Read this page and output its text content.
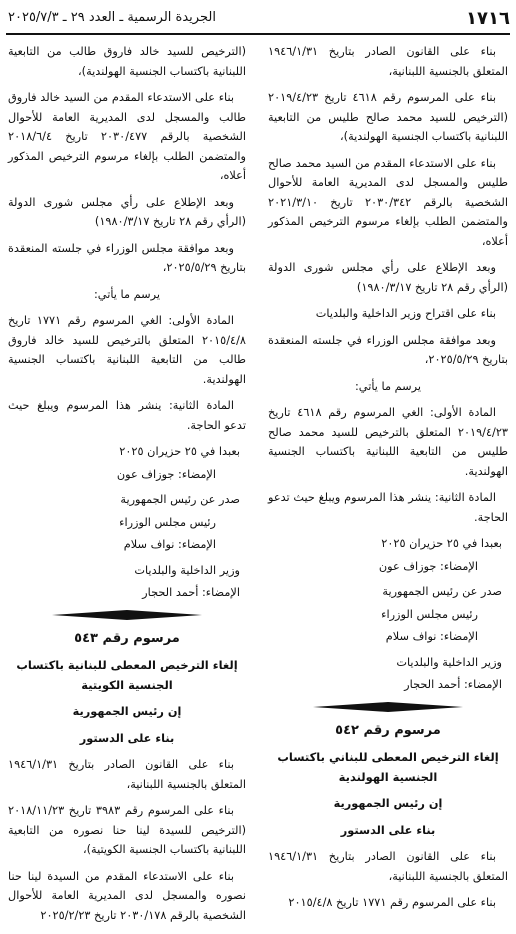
١٧١٦
الجريدة الرسمية ـ العدد ٢٩ ـ ٢٠٢٥/٧/٣

بناء على القانون الصادر بتاريخ ١٩٤٦/١/٣١ المتعلق بالجنسية اللبنانية،

بناء على المرسوم رقم ٤٦١٨ تاريخ ٢٠١٩/٤/٢٣ (الترخيص للسيد محمد صالح طليس من التابعية اللبنانية باكتساب الجنسية الهولندية)،

بناء على الاستدعاء المقدم من السيد محمد صالح طليس والمسجل لدى المديرية العامة للأحوال الشخصية بالرقم ٢٠٣٠/٣٤٢ تاريخ ٢٠٢١/٣/١٠ والمتضمن الطلب بإلغاء مرسوم الترخيص المذكور أعلاه،

وبعد الإطلاع على رأي مجلس شورى الدولة (الرأي رقم ٢٨ تاريخ ١٩٨٠/٣/١٧)

بناء على اقتراح وزير الداخلية والبلديات

وبعد موافقة مجلس الوزراء في جلسته المنعقدة بتاريخ ٢٠٢٥/٥/٢٩،

يرسم ما يأتي:

المادة الأولى: الغي المرسوم رقم ٤٦١٨ تاريخ ٢٠١٩/٤/٢٣ المتعلق بالترخيص للسيد محمد صالح طليس من التابعية اللبنانية باكتساب الجنسية الهولندية.

المادة الثانية: ينشر هذا المرسوم ويبلغ حيث تدعو الحاجة.

بعبدا في ٢٥ حزيران ٢٠٢٥

الإمضاء: جوزاف عون

صدر عن رئيس الجمهورية

رئيس مجلس الوزراء

الإمضاء: نواف سلام

وزير الداخلية والبلديات

الإمضاء: أحمد الحجار

مرسوم رقم ٥٤٢

إلغاء الترخيص المعطى للبناني باكتساب الجنسية الهولندية

إن رئيس الجمهورية

بناء على الدستور

بناء على القانون الصادر بتاريخ ١٩٤٦/١/٣١ المتعلق بالجنسية اللبنانية،

بناء على المرسوم رقم ١٧٧١ تاريخ ٢٠١٥/٤/٨

(الترخيص للسيد خالد فاروق طالب من التابعية اللبنانية باكتساب الجنسية الهولندية)،

بناء على الاستدعاء المقدم من السيد خالد فاروق طالب والمسجل لدى المديرية العامة للأحوال الشخصية بالرقم ٢٠٣٠/٤٧٧ تاريخ ٢٠١٨/٦/٤ والمتضمن الطلب بإلغاء مرسوم الترخيص المذكور أعلاه،

وبعد الإطلاع على رأي مجلس شورى الدولة (الرأي رقم ٢٨ تاريخ ١٩٨٠/٣/١٧)

وبعد موافقة مجلس الوزراء في جلسته المنعقدة بتاريخ ٢٠٢٥/٥/٢٩،

يرسم ما يأتي:

المادة الأولى: الغي المرسوم رقم ١٧٧١ تاريخ ٢٠١٥/٤/٨ المتعلق بالترخيص للسيد خالد فاروق طالب من التابعية اللبنانية باكتساب الجنسية الهولندية.

المادة الثانية: ينشر هذا المرسوم ويبلغ حيث تدعو الحاجة.

بعبدا في ٢٥ حزيران ٢٠٢٥

الإمضاء: جوزاف عون

صدر عن رئيس الجمهورية

رئيس مجلس الوزراء

الإمضاء: نواف سلام

وزير الداخلية والبلديات

الإمضاء: أحمد الحجار

مرسوم رقم ٥٤٣

إلغاء الترخيص المعطى للبنانية باكتساب الجنسية الكويتية

إن رئيس الجمهورية

بناء على الدستور

بناء على القانون الصادر بتاريخ ١٩٤٦/١/٣١ المتعلق بالجنسية اللبنانية،

بناء على المرسوم رقم ٣٩٨٣ تاريخ ٢٠١٨/١١/٢٣ (الترخيص للسيدة لينا حنا نصوره من التابعية اللبنانية باكتساب الجنسية الكويتية)،

بناء على الاستدعاء المقدم من السيدة لينا حنا نصوره والمسجل لدى المديرية العامة للأحوال الشخصية بالرقم ٢٠٣٠/١٧٨ تاريخ ٢٠٢٥/٢/٢٣
